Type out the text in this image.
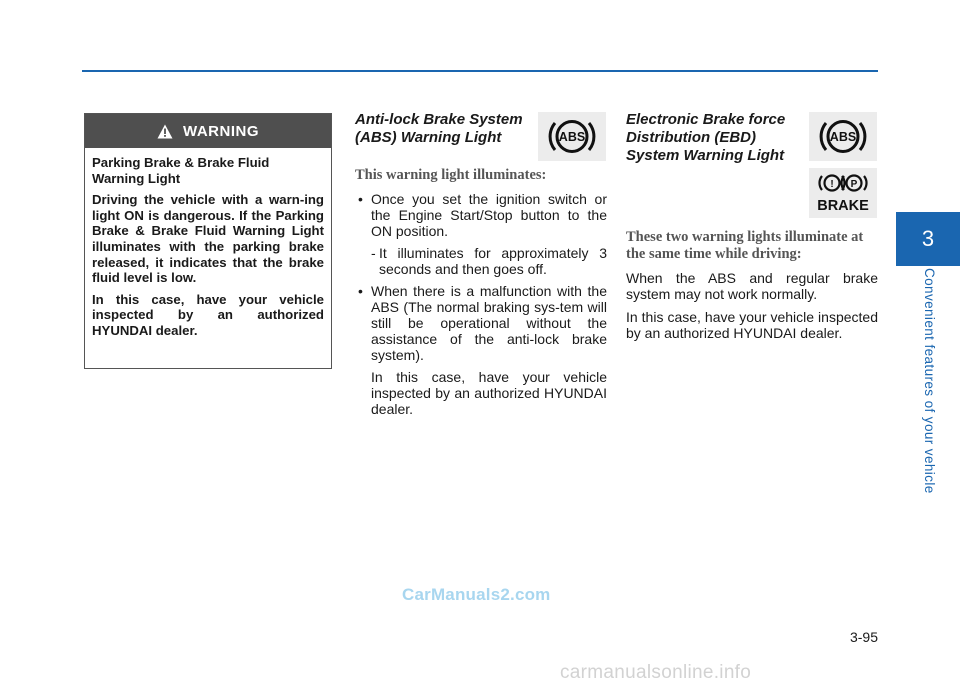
3
Convenient features of your vehicle
WARNING

Parking Brake & Brake Fluid Warning Light

Driving the vehicle with a warn-ing light ON is dangerous. If the Parking Brake & Brake Fluid Warning Light illuminates with the parking brake released, it indicates that the brake fluid level is low.

In this case, have your vehicle inspected by an authorized HYUNDAI dealer.

ABS

Anti-lock Brake System

(ABS) Warning Light

This warning light illuminates:

• Once you set the ignition switch or the Engine Start/Stop button to the ON position.

- It illuminates for approximately 3 seconds and then goes off.

• When there is a malfunction with the ABS (The normal braking sys-tem will still be operational without the assistance of the anti-lock brake system).

In this case, have your vehicle inspected by an authorized HYUNDAI dealer.

ABS
! P
BRAKE

Electronic Brake force

Distribution (EBD)

System Warning Light

These two warning lights illuminate at the same time while driving:

When the ABS and regular brake system may not work normally.

In this case, have your vehicle inspected by an authorized HYUNDAI dealer.

CarManuals2.com
3-95
carmanualsonline.info
